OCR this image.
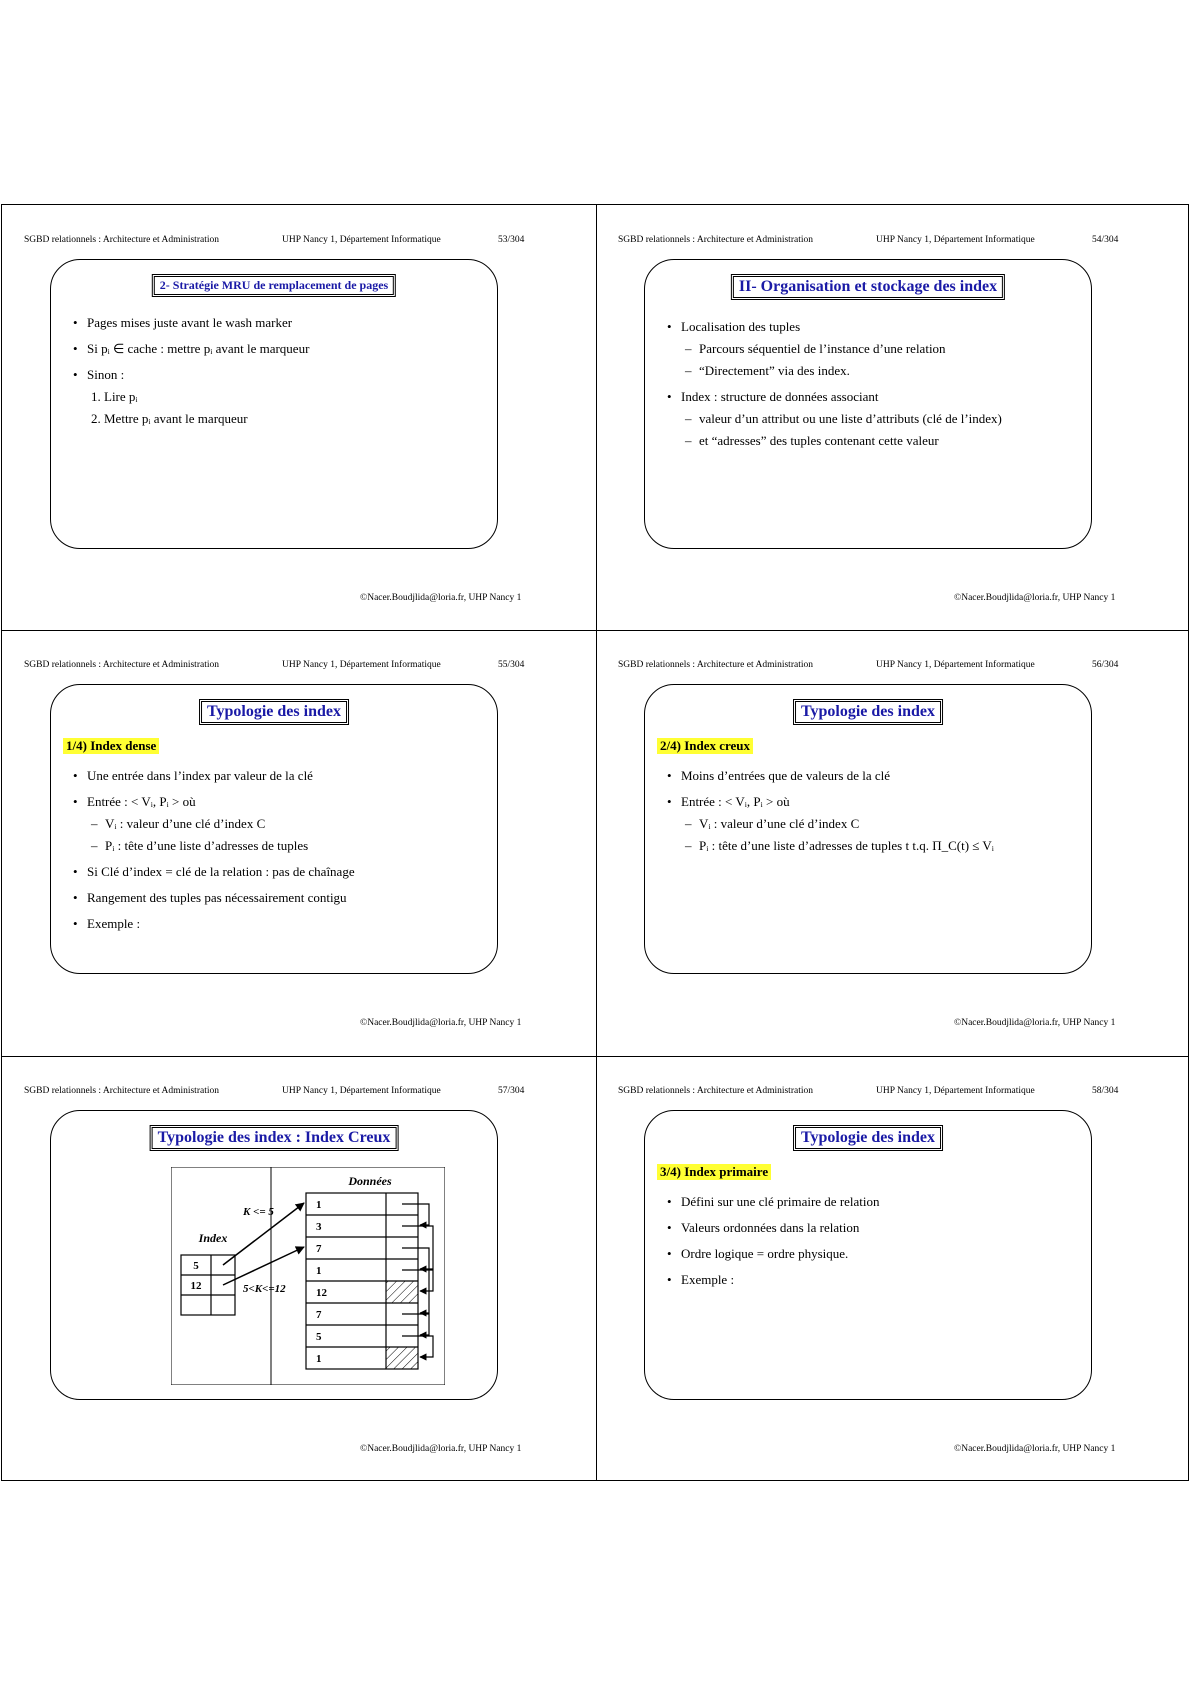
SGBD relationnels : Architecture et Administration	UHP Nancy 1, Département Informatique	53/304
2- Stratégie MRU de remplacement de pages
• Pages mises juste avant le wash marker
• Si pᵢ ∈ cache : mettre pᵢ avant le marqueur
• Sinon :
1. Lire pᵢ
2. Mettre pᵢ avant le marqueur
©Nacer.Boudjlida@loria.fr, UHP Nancy 1
SGBD relationnels : Architecture et Administration	UHP Nancy 1, Département Informatique	54/304
II- Organisation et stockage des index
• Localisation des tuples
– Parcours séquentiel de l’instance d’une relation
– “Directement” via des index.
• Index : structure de données associant
– valeur d’un attribut ou une liste d’attributs (clé de l’index)
– et “adresses” des tuples contenant cette valeur
©Nacer.Boudjlida@loria.fr, UHP Nancy 1
SGBD relationnels : Architecture et Administration	UHP Nancy 1, Département Informatique	55/304
Typologie des index
1/4) Index dense
• Une entrée dans l’index par valeur de la clé
• Entrée : < Vᵢ, Pᵢ > où
– Vᵢ : valeur d’une clé d’index C
– Pᵢ : tête d’une liste d’adresses de tuples
• Si Clé d’index = clé de la relation : pas de chaînage
• Rangement des tuples pas nécessairement contigu
• Exemple :
©Nacer.Boudjlida@loria.fr, UHP Nancy 1
SGBD relationnels : Architecture et Administration	UHP Nancy 1, Département Informatique	56/304
Typologie des index
2/4) Index creux
• Moins d’entrées que de valeurs de la clé
• Entrée : < Vᵢ, Pᵢ > où
– Vᵢ : valeur d’une clé d’index C
– Pᵢ : tête d’une liste d’adresses de tuples t t.q. Π_C(t) ≤ Vᵢ
©Nacer.Boudjlida@loria.fr, UHP Nancy 1
SGBD relationnels : Architecture et Administration	UHP Nancy 1, Département Informatique	57/304
Typologie des index : Index Creux
Données
Index
K <= 5
5<K<=12
5
12
1
3
7
1
12
7
5
1
©Nacer.Boudjlida@loria.fr, UHP Nancy 1
SGBD relationnels : Architecture et Administration	UHP Nancy 1, Département Informatique	58/304
Typologie des index
3/4) Index primaire
• Défini sur une clé primaire de relation
• Valeurs ordonnées dans la relation
• Ordre logique = ordre physique.
• Exemple :
©Nacer.Boudjlida@loria.fr, UHP Nancy 1
